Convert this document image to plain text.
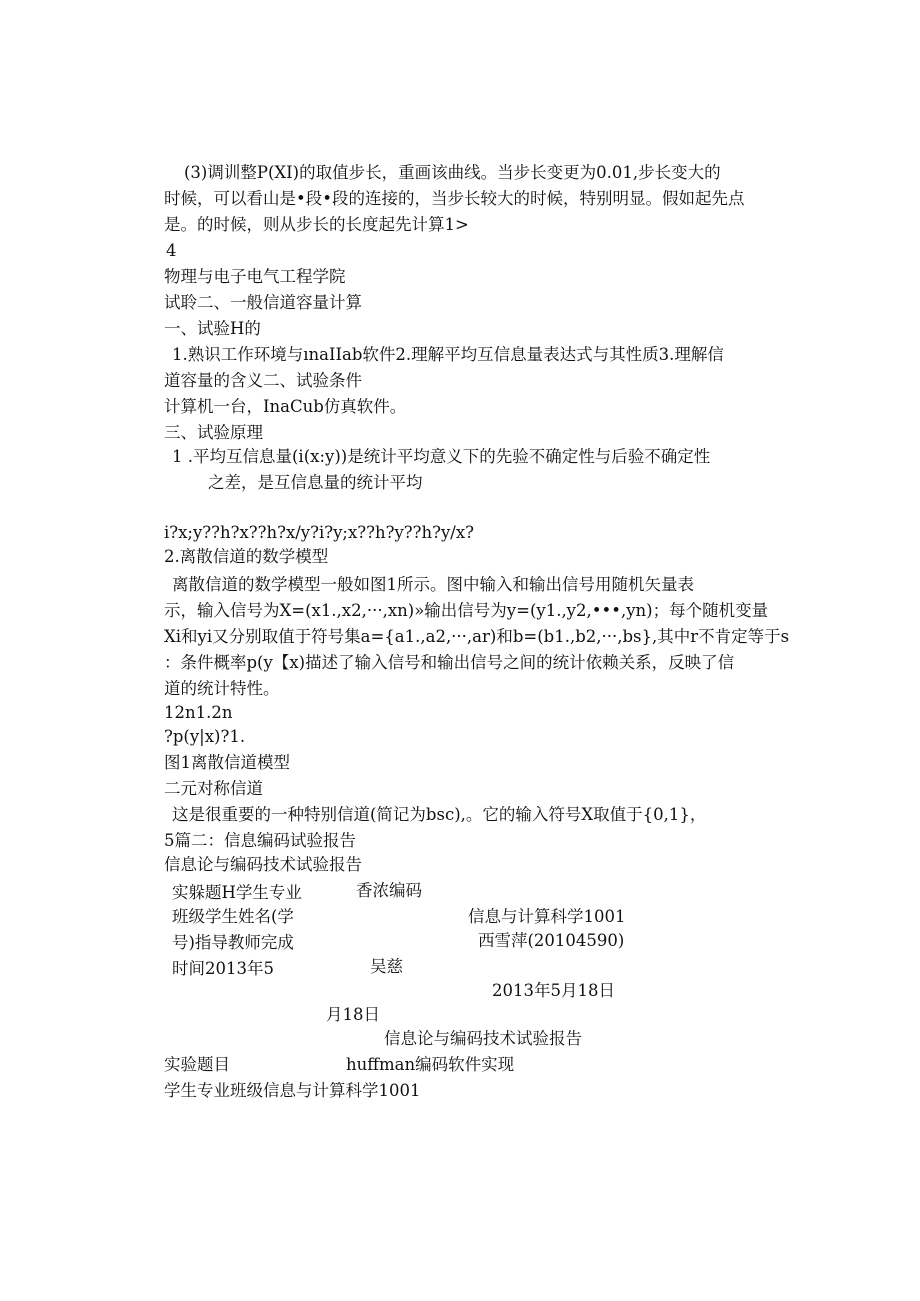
(3)调训整P(XI)的取值步长，重画该曲线。当步长变更为0.01,步长变大的
时候，可以看山是•段•段的连接的，当步长较大的时候，特别明显。假如起先点
是。的时候，则从步长的长度起先计算1>
4
物理与电子电气工程学院
试聆二、一般信道容量计算
一、试验H的
1.熟识工作环境与ınaIIab软件2.理解平均互信息量表达式与其性质3.理解信
道容量的含义二、试验条件
计算机一台，InaCub仿真软件。
三、试验原理
1 .平均互信息量(i(x:y))是统计平均意义下的先验不确定性与后验不确定性
之差，是互信息量的统计平均
i?x;y??h?x??h?x/y?i?y;x??h?y??h?y/x?
2.离散信道的数学模型
离散信道的数学模型一般如图1所示。图中输入和输出信号用随机矢量表
示，输入信号为X=(x1.,x2,···,xn)»输出信号为y=(y1.,y2,•••,yn)；每个随机变量
Xi和yi又分别取值于符号集a={a1.,a2,···,ar)和b=(b1.,b2,···,bs},其中r不肯定等于s
：条件概率p(y【x)描述了输入信号和输出信号之间的统计依赖关系，反映了信
道的统计特性。
12n1.2n
?p(y|x)?1.
图1离散信道模型
二元对称信道
这是很重要的一种特别信道(简记为bsc),。它的输入符号X取值于{0,1}，
5篇二：信息编码试验报告
信息论与编码技术试验报告
实躲题H学生专业	香浓编码
班级学生姓名(学	信息与计算科学1001
号)指导教师完成	西雪萍(20104590)
时间2013年5	吴慈
2013年5月18日
月18日
信息论与编码技术试验报告
实验题目	huffman编码软件实现
学生专业班级信息与计算科学1001
